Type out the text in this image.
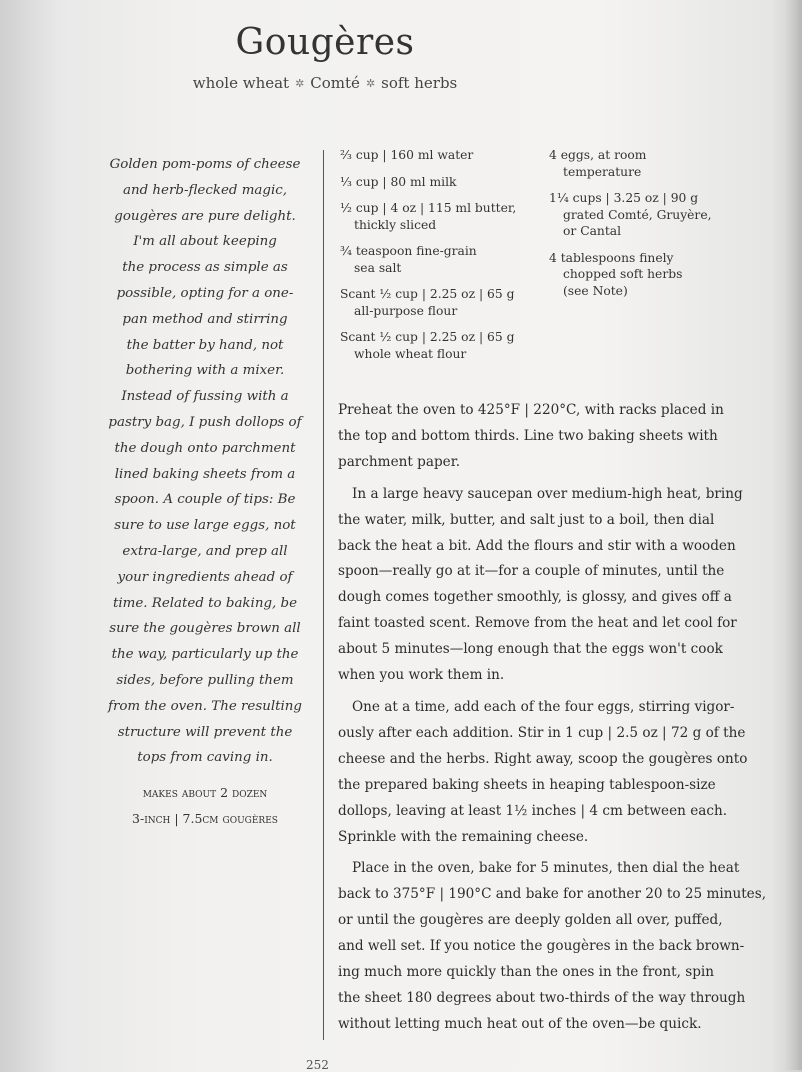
Gougères
whole wheat ✲ Comté ✲ soft herbs
Golden pom-poms of cheese
and herb-flecked magic,
gougères are pure delight.
I'm all about keeping
the process as simple as
possible, opting for a one-
pan method and stirring
the batter by hand, not
bothering with a mixer.
Instead of fussing with a
pastry bag, I push dollops of
the dough onto parchment
lined baking sheets from a
spoon. A couple of tips: Be
sure to use large eggs, not
extra-large, and prep all
your ingredients ahead of
time. Related to baking, be
sure the gougères brown all
the way, particularly up the
sides, before pulling them
from the oven. The resulting
structure will prevent the
tops from caving in.
makes about 2 dozen
3-inch | 7.5cm gougères
⅔ cup | 160 ml water
⅓ cup | 80 ml milk
½ cup | 4 oz | 115 ml butter,
thickly sliced
¾ teaspoon fine-grain
sea salt
Scant ½ cup | 2.25 oz | 65 g
all-purpose flour
Scant ½ cup | 2.25 oz | 65 g
whole wheat flour
4 eggs, at room
temperature
1¼ cups | 3.25 oz | 90 g
grated Comté, Gruyère,
or Cantal
4 tablespoons finely
chopped soft herbs
(see Note)

Preheat the oven to 425°F | 220°C, with racks placed in
the top and bottom thirds. Line two baking sheets with
parchment paper.

In a large heavy saucepan over medium-high heat, bring
the water, milk, butter, and salt just to a boil, then dial
back the heat a bit. Add the flours and stir with a wooden
spoon—really go at it—for a couple of minutes, until the
dough comes together smoothly, is glossy, and gives off a
faint toasted scent. Remove from the heat and let cool for
about 5 minutes—long enough that the eggs won't cook
when you work them in.

One at a time, add each of the four eggs, stirring vigor-
ously after each addition. Stir in 1 cup | 2.5 oz | 72 g of the
cheese and the herbs. Right away, scoop the gougères onto
the prepared baking sheets in heaping tablespoon-size
dollops, leaving at least 1½ inches | 4 cm between each.
Sprinkle with the remaining cheese.

Place in the oven, bake for 5 minutes, then dial the heat
back to 375°F | 190°C and bake for another 20 to 25 minutes,
or until the gougères are deeply golden all over, puffed,
and well set. If you notice the gougères in the back brown-
ing much more quickly than the ones in the front, spin
the sheet 180 degrees about two-thirds of the way through
without letting much heat out of the oven—be quick.

252
